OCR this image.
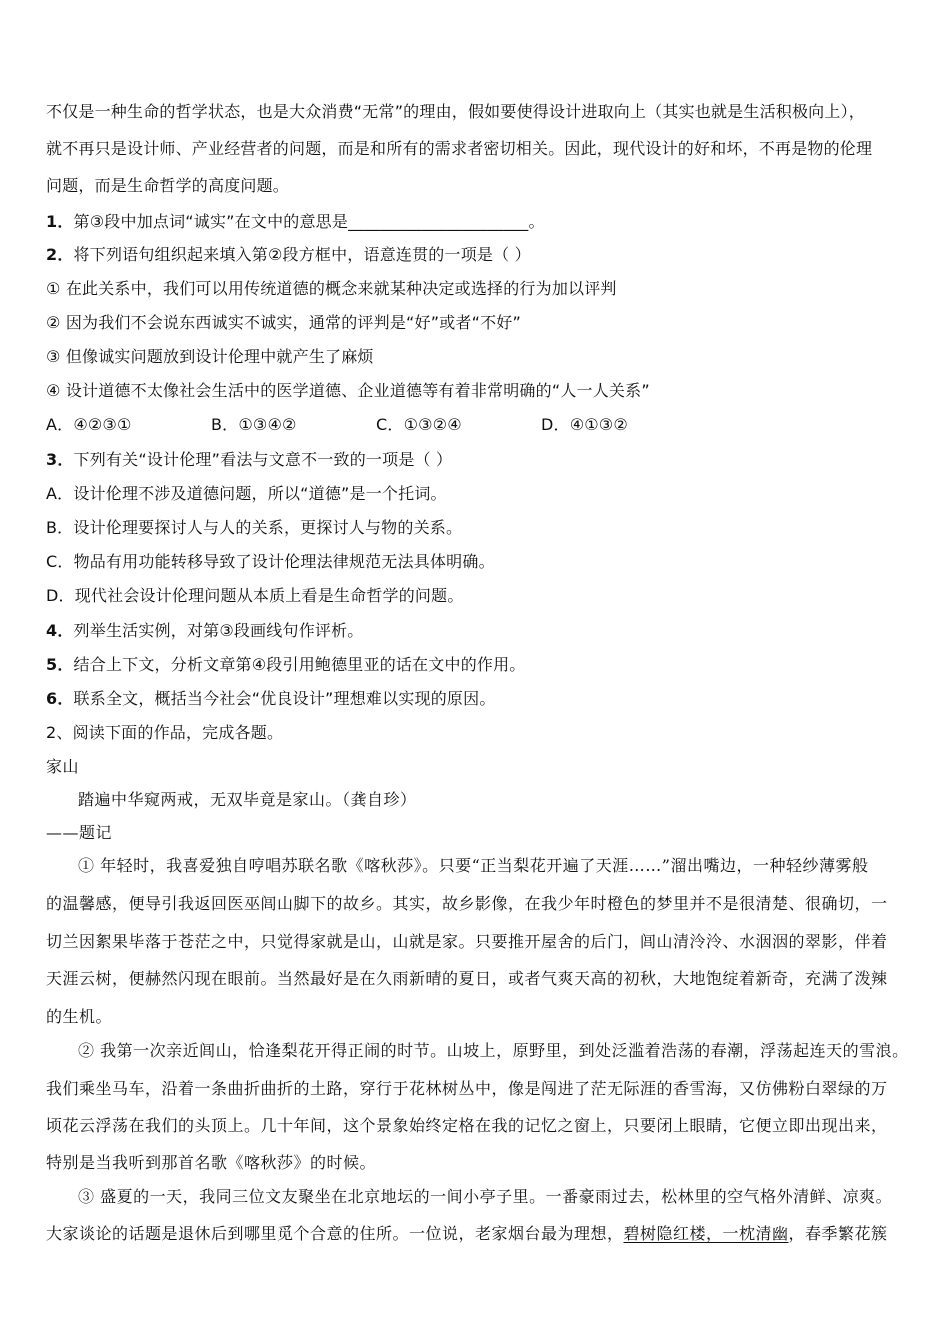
不仅是一种生命的哲学状态，也是大众消费“无常”的理由，假如要使得设计进取向上（其实也就是生活积极向上），
就不再只是设计师、产业经营者的问题，而是和所有的需求者密切相关。因此，现代设计的好和坏，不再是物的伦理
问题，而是生命哲学的高度问题。
1．第③段中加点词“诚实”在文中的意思是______________________。
2．将下列语句组织起来填入第②段方框中，语意连贯的一项是（ ）
① 在此关系中，我们可以用传统道德的概念来就某种决定或选择的行为加以评判
② 因为我们不会说东西诚实不诚实，通常的评判是“好”或者“不好”
③ 但像诚实问题放到设计伦理中就产生了麻烦
④ 设计道德不太像社会生活中的医学道德、企业道德等有着非常明确的“人一人关系”
A．④②③①	B．①③④②	C．①③②④	D．④①③②
3．下列有关“设计伦理”看法与文意不一致的一项是（ ）
A．设计伦理不涉及道德问题，所以“道德”是一个托词。
B．设计伦理要探讨人与人的关系，更探讨人与物的关系。
C．物品有用功能转移导致了设计伦理法律规范无法具体明确。
D．现代社会设计伦理问题从本质上看是生命哲学的问题。
4．列举生活实例，对第③段画线句作评析。
5．结合上下文，分析文章第④段引用鲍德里亚的话在文中的作用。
6．联系全文，概括当今社会“优良设计”理想难以实现的原因。
2、阅读下面的作品，完成各题。
家山
踏遍中华窥两戒，无双毕竟是家山。（龚自珍）
——题记
① 年轻时，我喜爱独自哼唱苏联名歌《喀秋莎》。只要“正当梨花开遍了天涯……”溜出嘴边，一种轻纱薄雾般
的温馨感，便导引我返回医巫闾山脚下的故乡。其实，故乡影像，在我少年时橙色的梦里并不是很清楚、很确切，一
切兰因絮果毕落于苍茫之中，只觉得家就是山，山就是家。只要推开屋舍的后门，闾山清泠泠、水洇洇的翠影，伴着
天涯云树，便赫然闪现在眼前。当然最好是在久雨新晴的夏日，或者气爽天高的初秋，大地饱绽着新奇，充满了泼辣
的生机。
② 我第一次亲近闾山，恰逢梨花开得正闹的时节。山坡上，原野里，到处泛滥着浩荡的春潮，浮荡起连天的雪浪。
我们乘坐马车，沿着一条曲折曲折的土路，穿行于花林树丛中，像是闯进了茫无际涯的香雪海，又仿佛粉白翠绿的万
顷花云浮荡在我们的头顶上。几十年间，这个景象始终定格在我的记忆之窗上，只要闭上眼睛，它便立即出现出来，
特别是当我听到那首名歌《喀秋莎》的时候。
③ 盛夏的一天，我同三位文友聚坐在北京地坛的一间小亭子里。一番豪雨过去，松林里的空气格外清鲜、凉爽。
大家谈论的话题是退休后到哪里觅个合意的住所。一位说，老家烟台最为理想，碧树隐红楼，一枕清幽，春季繁花簇
